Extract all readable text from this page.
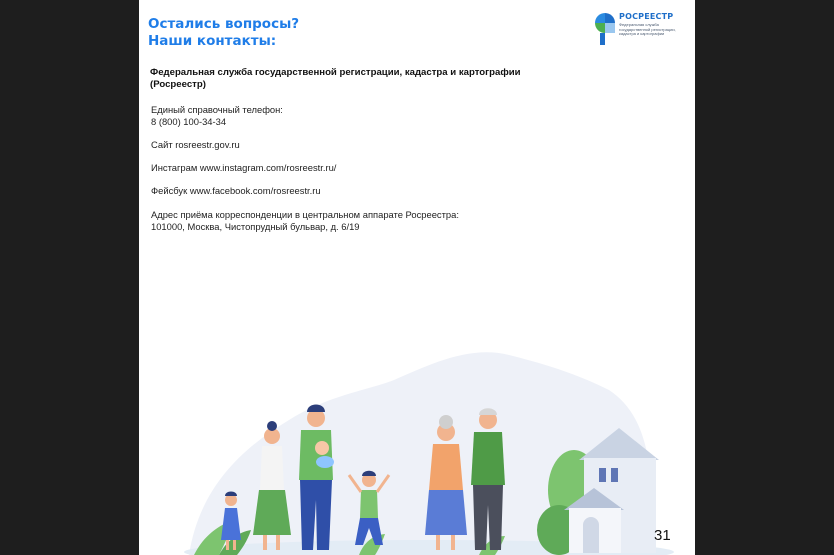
Остались вопросы?
Наши контакты:
РОСРЕЕСТР
Федеральная служба государственной регистрации, кадастра и картографии
Федеральная служба государственной регистрации, кадастра и картографии (Росреестр)
Единый справочный телефон:
8 (800) 100-34-34
Сайт rosreestr.gov.ru
Инстаграм www.instagram.com/rosreestr.ru/
Фейсбук www.facebook.com/rosreestr.ru
Адрес приёма корреспонденции в центральном аппарате Росреестра:
101000, Москва, Чистопрудный бульвар, д. 6/19
31
